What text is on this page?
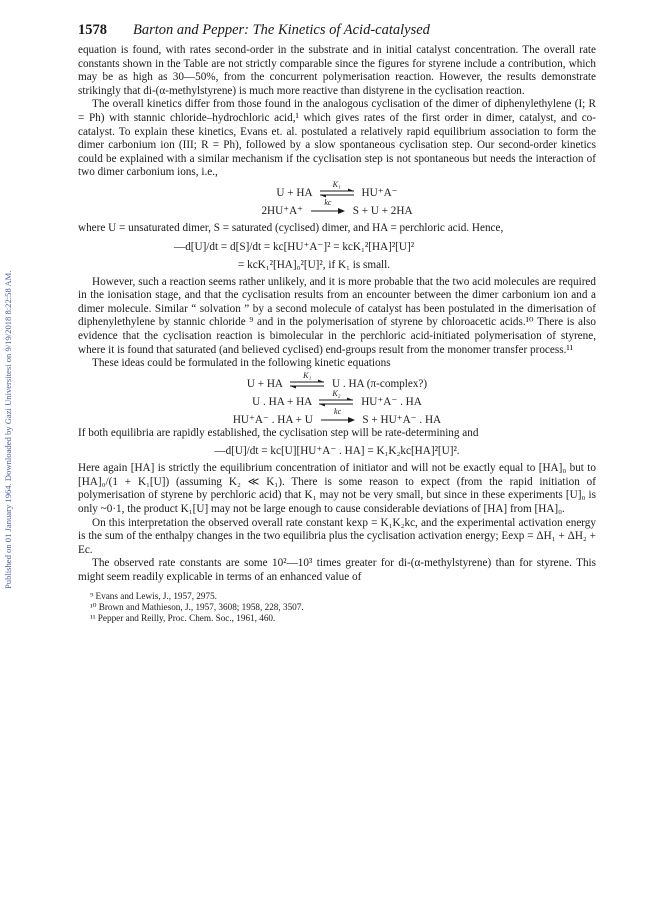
Published on 01 January 1964. Downloaded by Gazi Universitesi on 9/19/2018 8:22:58 AM.
1578 Barton and Pepper: The Kinetics of Acid-catalysed

equation is found, with rates second-order in the substrate and in initial catalyst concentration. The overall rate constants shown in the Table are not strictly comparable since the figures for styrene include a contribution, which may be as high as 30—50%, from the concurrent polymerisation reaction. However, the results demonstrate strikingly that di-(α-methylstyrene) is much more reactive than distyrene in the cyclisation reaction.

The overall kinetics differ from those found in the analogous cyclisation of the dimer of diphenylethylene (I; R = Ph) with stannic chloride–hydrochloric acid,¹ which gives rates of the first order in dimer, catalyst, and co-catalyst. To explain these kinetics, Evans et. al. postulated a relatively rapid equilibrium association to form the dimer carbonium ion (III; R = Ph), followed by a slow spontaneous cyclisation step. Our second-order kinetics could be explained with a similar mechanism if the cyclisation step is not spontaneous but needs the interaction of two dimer carbonium ions, i.e.,

U + HA
K₁
HU⁺A⁻
2HU⁺A⁺
kc
S + U + 2HA

where U = unsaturated dimer, S = saturated (cyclised) dimer, and HA = perchloric acid. Hence,

—d[U]/dt = d[S]/dt = kc[HU⁺A⁻]² = kcK₁²[HA]²[U]²
= kcK₁²[HA]₀²[U]², if K₁ is small.

However, such a reaction seems rather unlikely, and it is more probable that the two acid molecules are required in the ionisation stage, and that the cyclisation results from an encounter between the dimer carbonium ion and a dimer molecule. Similar “ solvation ” by a second molecule of catalyst has been postulated in the dimerisation of diphenylethylene by stannic chloride ⁹ and in the polymerisation of styrene by chloroacetic acids.¹⁰ There is also evidence that the cyclisation reaction is bimolecular in the perchloric acid-initiated polymerisation of styrene, where it is found that saturated (and believed cyclised) end-groups result from the monomer transfer process.¹¹

These ideas could be formulated in the following kinetic equations

U + HA
K₁
U . HA (π-complex?)
U . HA + HA
K₂
HU⁺A⁻ . HA
HU⁺A⁻ . HA + U
kc
S + HU⁺A⁻ . HA

If both equilibria are rapidly established, the cyclisation step will be rate-determining and

—d[U]/dt = kc[U][HU⁺A⁻ . HA] = K₁K₂kc[HA]²[U]².

Here again [HA] is strictly the equilibrium concentration of initiator and will not be exactly equal to [HA]₀ but to [HA]₀/(1 + K₁[U]) (assuming K₂ ≪ K₁). There is some reason to expect (from the rapid initiation of polymerisation of styrene by perchloric acid) that K₁ may not be very small, but since in these experiments [U]₀ is only ~0·1, the product K₁[U] may not be large enough to cause considerable deviations of [HA] from [HA]₀.

On this interpretation the observed overall rate constant kexp = K₁K₂kc, and the experimental activation energy is the sum of the enthalpy changes in the two equilibria plus the cyclisation activation energy; Eexp = ΔH₁ + ΔH₂ + Ec.

The observed rate constants are some 10²—10³ times greater for di-(α-methylstyrene) than for styrene. This might seem readily explicable in terms of an enhanced value of

⁹ Evans and Lewis, J., 1957, 2975.
¹⁰ Brown and Mathieson, J., 1957, 3608; 1958, 228, 3507.
¹¹ Pepper and Reilly, Proc. Chem. Soc., 1961, 460.
